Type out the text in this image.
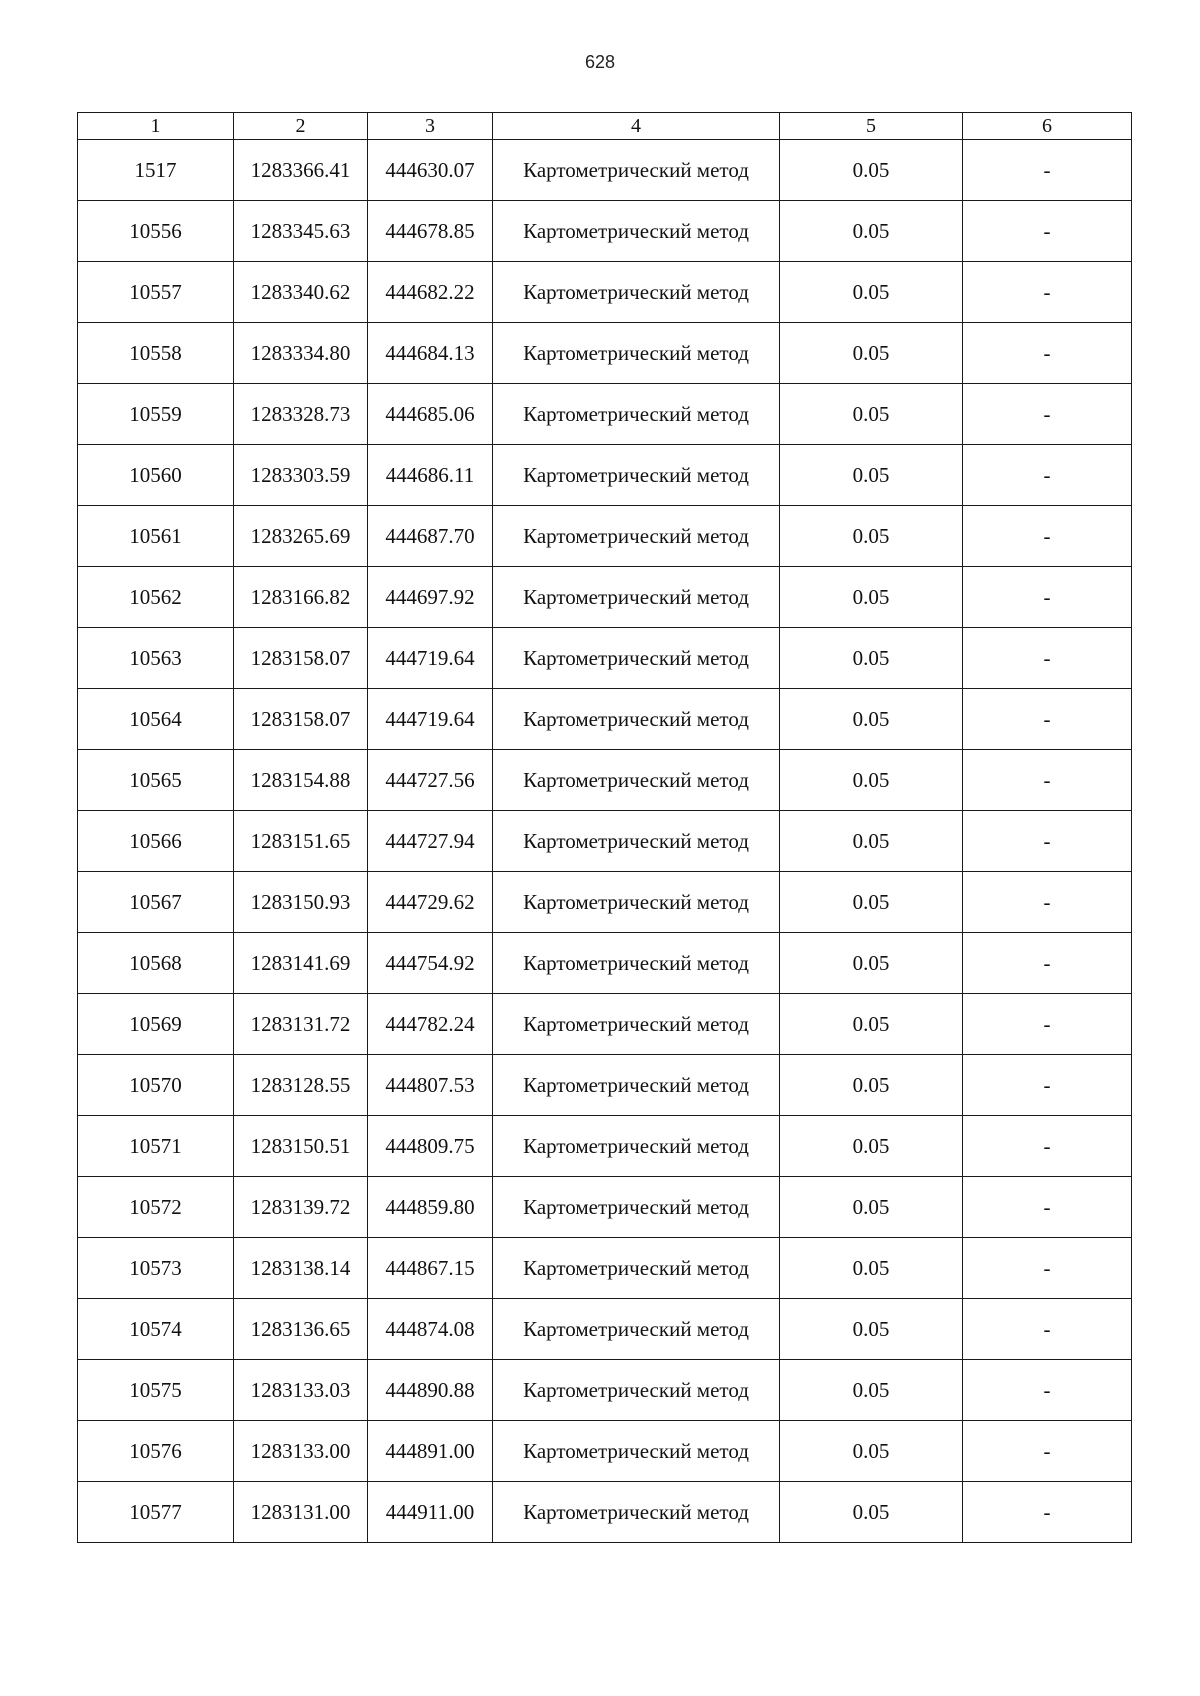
628
1	2	3	4	5	6
1517	1283366.41	444630.07	Картометрический метод	0.05	-
10556	1283345.63	444678.85	Картометрический метод	0.05	-
10557	1283340.62	444682.22	Картометрический метод	0.05	-
10558	1283334.80	444684.13	Картометрический метод	0.05	-
10559	1283328.73	444685.06	Картометрический метод	0.05	-
10560	1283303.59	444686.11	Картометрический метод	0.05	-
10561	1283265.69	444687.70	Картометрический метод	0.05	-
10562	1283166.82	444697.92	Картометрический метод	0.05	-
10563	1283158.07	444719.64	Картометрический метод	0.05	-
10564	1283158.07	444719.64	Картометрический метод	0.05	-
10565	1283154.88	444727.56	Картометрический метод	0.05	-
10566	1283151.65	444727.94	Картометрический метод	0.05	-
10567	1283150.93	444729.62	Картометрический метод	0.05	-
10568	1283141.69	444754.92	Картометрический метод	0.05	-
10569	1283131.72	444782.24	Картометрический метод	0.05	-
10570	1283128.55	444807.53	Картометрический метод	0.05	-
10571	1283150.51	444809.75	Картометрический метод	0.05	-
10572	1283139.72	444859.80	Картометрический метод	0.05	-
10573	1283138.14	444867.15	Картометрический метод	0.05	-
10574	1283136.65	444874.08	Картометрический метод	0.05	-
10575	1283133.03	444890.88	Картометрический метод	0.05	-
10576	1283133.00	444891.00	Картометрический метод	0.05	-
10577	1283131.00	444911.00	Картометрический метод	0.05	-
